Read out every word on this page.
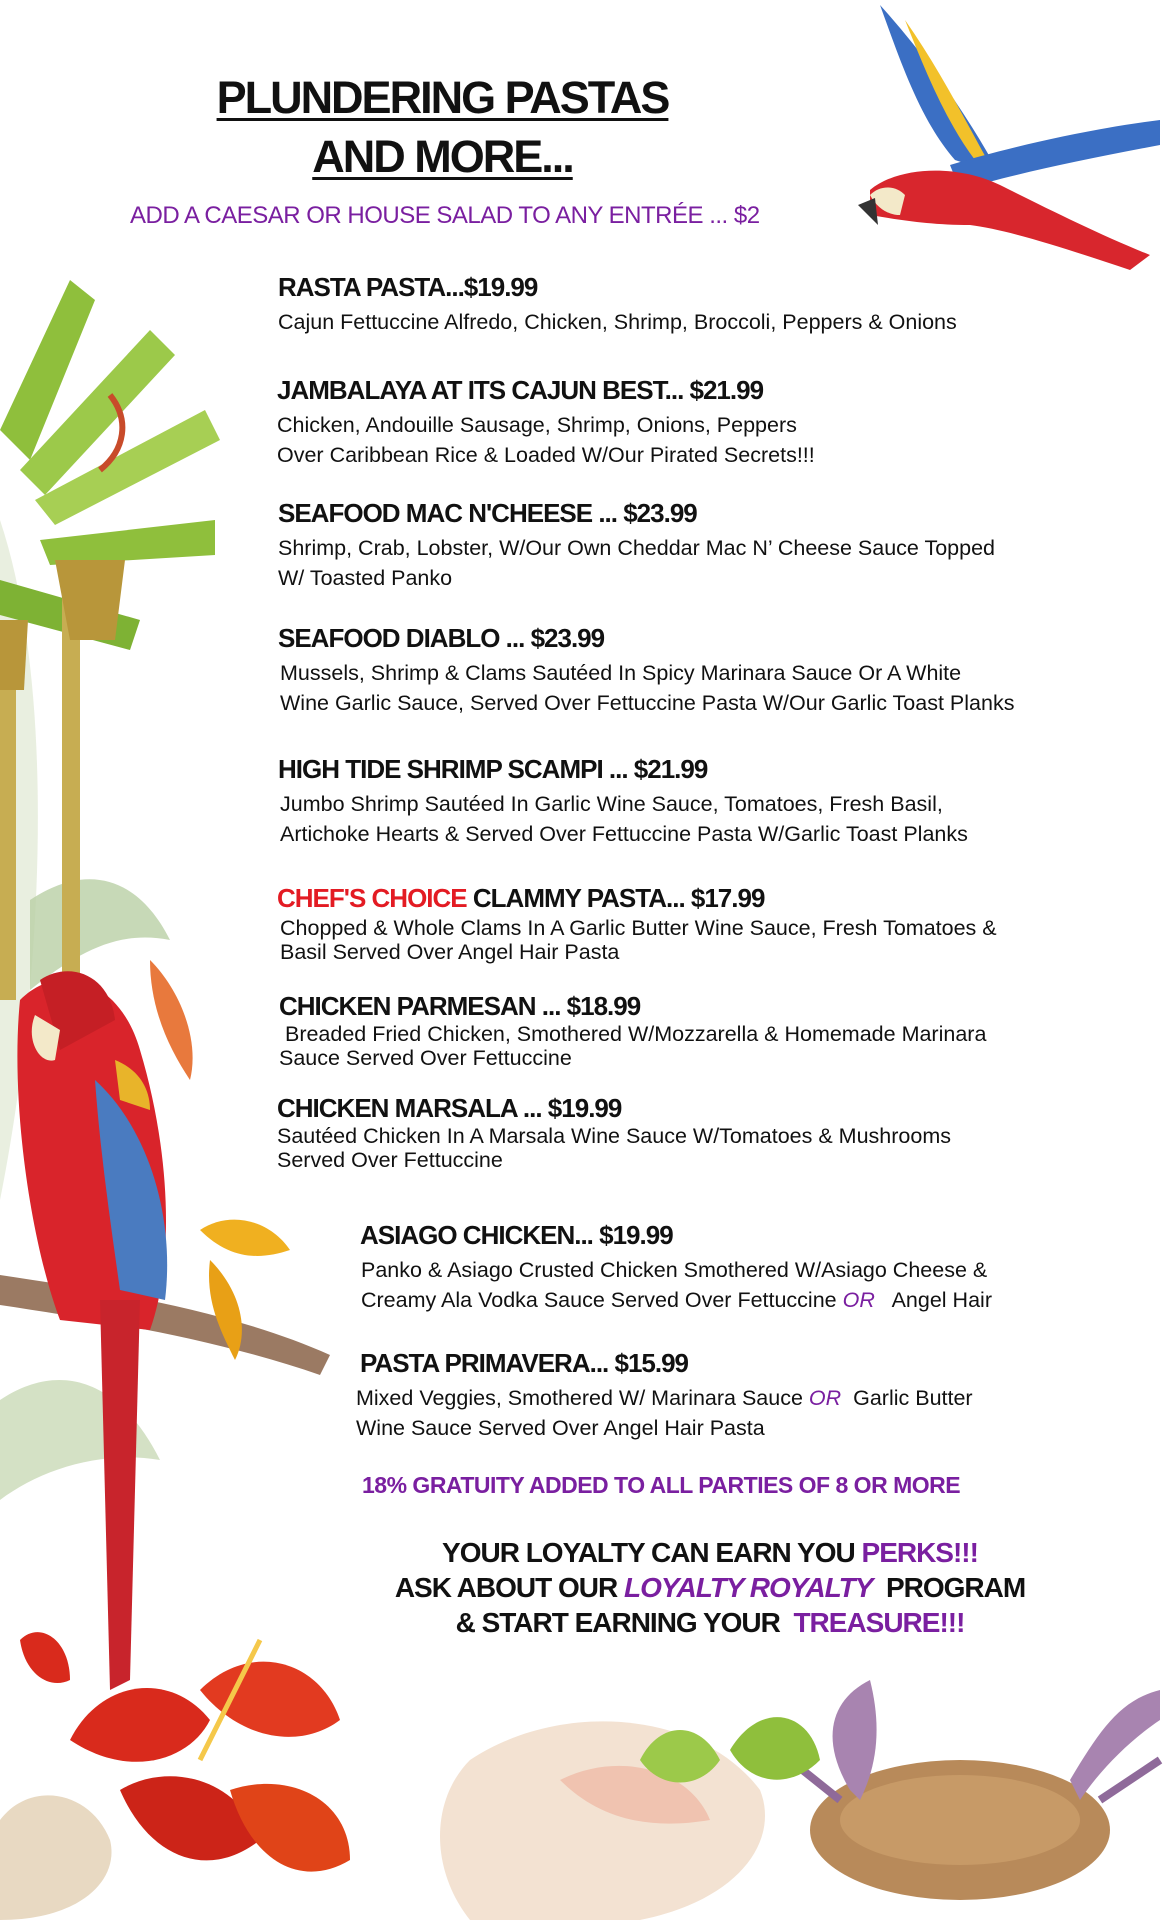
PLUNDERING PASTAS
AND MORE...
ADD A CAESAR OR HOUSE SALAD TO ANY ENTRÉE ... $2
RASTA PASTA...$19.99
Cajun Fettuccine Alfredo, Chicken, Shrimp, Broccoli, Peppers & Onions
JAMBALAYA AT ITS CAJUN BEST... $21.99
Chicken, Andouille Sausage, Shrimp, Onions, Peppers
Over Caribbean Rice & Loaded W/Our Pirated Secrets!!!
SEAFOOD MAC N'CHEESE ... $23.99
Shrimp, Crab, Lobster, W/Our Own Cheddar Mac N’ Cheese Sauce Topped
W/ Toasted Panko
SEAFOOD DIABLO ... $23.99
Mussels, Shrimp & Clams Sautéed In Spicy Marinara Sauce Or A White
Wine Garlic Sauce, Served Over Fettuccine Pasta W/Our Garlic Toast Planks
HIGH TIDE SHRIMP SCAMPI ... $21.99
Jumbo Shrimp Sautéed In Garlic Wine Sauce, Tomatoes, Fresh Basil,
Artichoke Hearts & Served Over Fettuccine Pasta W/Garlic Toast Planks
CHEF'S CHOICE CLAMMY PASTA... $17.99
Chopped & Whole Clams In A Garlic Butter Wine Sauce, Fresh Tomatoes &
Basil Served Over Angel Hair Pasta
CHICKEN PARMESAN ... $18.99
Breaded Fried Chicken, Smothered W/Mozzarella & Homemade Marinara
Sauce Served Over Fettuccine
CHICKEN MARSALA ... $19.99
Sautéed Chicken In A Marsala Wine Sauce W/Tomatoes & Mushrooms
Served Over Fettuccine
ASIAGO CHICKEN... $19.99
Panko & Asiago Crusted Chicken Smothered W/Asiago Cheese &
Creamy Ala Vodka Sauce Served Over Fettuccine OR   Angel Hair
PASTA PRIMAVERA... $15.99
Mixed Veggies, Smothered W/ Marinara Sauce OR  Garlic Butter
Wine Sauce Served Over Angel Hair Pasta
18% GRATUITY ADDED TO ALL PARTIES OF 8 OR MORE
YOUR LOYALTY CAN EARN YOU PERKS!!!
ASK ABOUT OUR LOYALTY ROYALTY  PROGRAM
& START EARNING YOUR  TREASURE!!!
